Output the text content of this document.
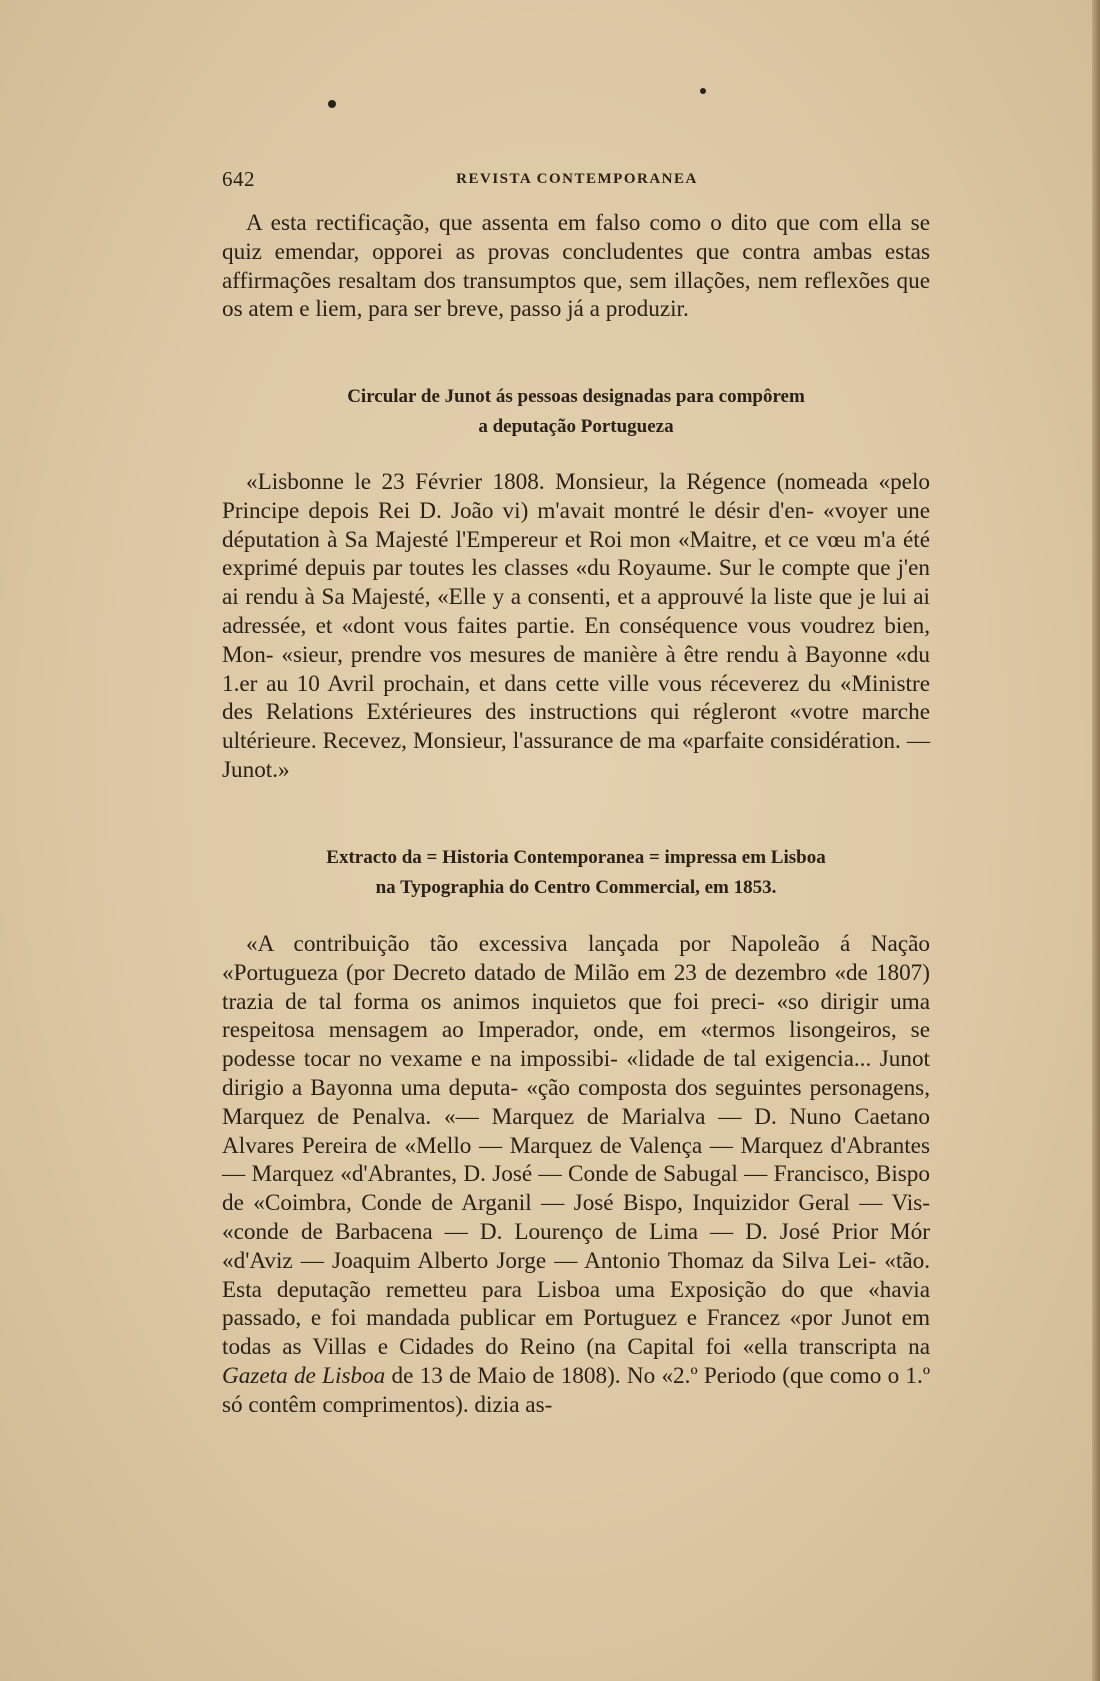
642	REVISTA CONTEMPORANEA

A esta rectificação, que assenta em falso como o dito que com ella se quiz emendar, opporei as provas concludentes que contra ambas estas affirmações resaltam dos transumptos que, sem illações, nem reflexões que os atem e liem, para ser breve, passo já a produzir.

Circular de Junot ás pessoas designadas para compôrem
a deputação Portugueza

«Lisbonne le 23 Février 1808. Monsieur, la Régence (nomeada «pelo Principe depois Rei D. João vi) m'avait montré le désir d'en- «voyer une députation à Sa Majesté l'Empereur et Roi mon «Maitre, et ce vœu m'a été exprimé depuis par toutes les classes «du Royaume. Sur le compte que j'en ai rendu à Sa Majesté, «Elle y a consenti, et a approuvé la liste que je lui ai adressée, et «dont vous faites partie. En conséquence vous voudrez bien, Mon- «sieur, prendre vos mesures de manière à être rendu à Bayonne «du 1.er au 10 Avril prochain, et dans cette ville vous réceverez du «Ministre des Relations Extérieures des instructions qui régleront «votre marche ultérieure. Recevez, Monsieur, l'assurance de ma «parfaite considération. — Junot.»

Extracto da = Historia Contemporanea = impressa em Lisboa
na Typographia do Centro Commercial, em 1853.

«A contribuição tão excessiva lançada por Napoleão á Nação «Portugueza (por Decreto datado de Milão em 23 de dezembro «de 1807) trazia de tal forma os animos inquietos que foi preci- «so dirigir uma respeitosa mensagem ao Imperador, onde, em «termos lisongeiros, se podesse tocar no vexame e na impossibi- «lidade de tal exigencia... Junot dirigio a Bayonna uma deputa- «ção composta dos seguintes personagens, Marquez de Penalva. «— Marquez de Marialva — D. Nuno Caetano Alvares Pereira de «Mello — Marquez de Valença — Marquez d'Abrantes — Marquez «d'Abrantes, D. José — Conde de Sabugal — Francisco, Bispo de «Coimbra, Conde de Arganil — José Bispo, Inquizidor Geral — Vis- «conde de Barbacena — D. Lourenço de Lima — D. José Prior Mór «d'Aviz — Joaquim Alberto Jorge — Antonio Thomaz da Silva Lei- «tão. Esta deputação remetteu para Lisboa uma Exposição do que «havia passado, e foi mandada publicar em Portuguez e Francez «por Junot em todas as Villas e Cidades do Reino (na Capital foi «ella transcripta na Gazeta de Lisboa de 13 de Maio de 1808). No «2.º Periodo (que como o 1.º só contêm comprimentos). dizia as-
